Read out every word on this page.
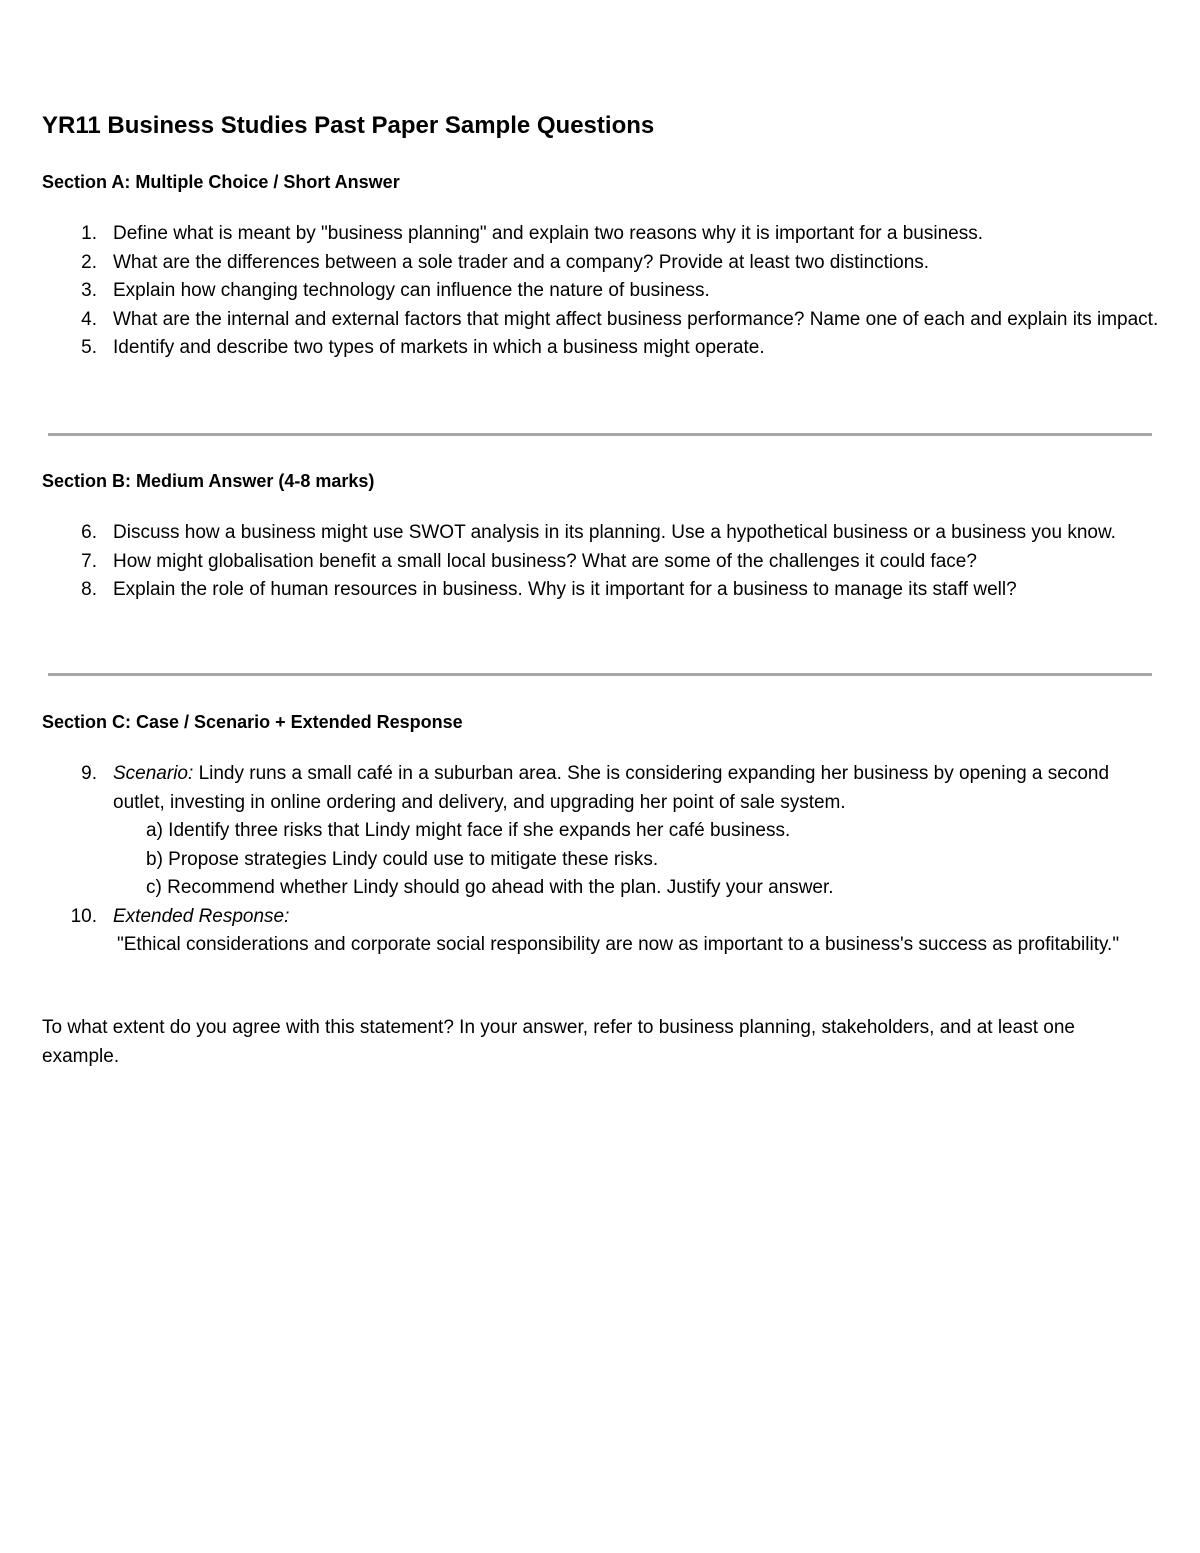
YR11 Business Studies Past Paper Sample Questions
Section A: Multiple Choice / Short Answer
1. Define what is meant by "business planning" and explain two reasons why it is important for a business.
2. What are the differences between a sole trader and a company? Provide at least two distinctions.
3. Explain how changing technology can influence the nature of business.
4. What are the internal and external factors that might affect business performance? Name one of each and explain its impact.
5. Identify and describe two types of markets in which a business might operate.
Section B: Medium Answer (4-8 marks)
6. Discuss how a business might use SWOT analysis in its planning. Use a hypothetical business or a business you know.
7. How might globalisation benefit a small local business? What are some of the challenges it could face?
8. Explain the role of human resources in business. Why is it important for a business to manage its staff well?
Section C: Case / Scenario + Extended Response
9. Scenario: Lindy runs a small café in a suburban area. She is considering expanding her business by opening a second outlet, investing in online ordering and delivery, and upgrading her point of sale system.
a) Identify three risks that Lindy might face if she expands her café business.
b) Propose strategies Lindy could use to mitigate these risks.
c) Recommend whether Lindy should go ahead with the plan. Justify your answer.
10. Extended Response:
"Ethical considerations and corporate social responsibility are now as important to a business's success as profitability."

To what extent do you agree with this statement? In your answer, refer to business planning, stakeholders, and at least one example.
